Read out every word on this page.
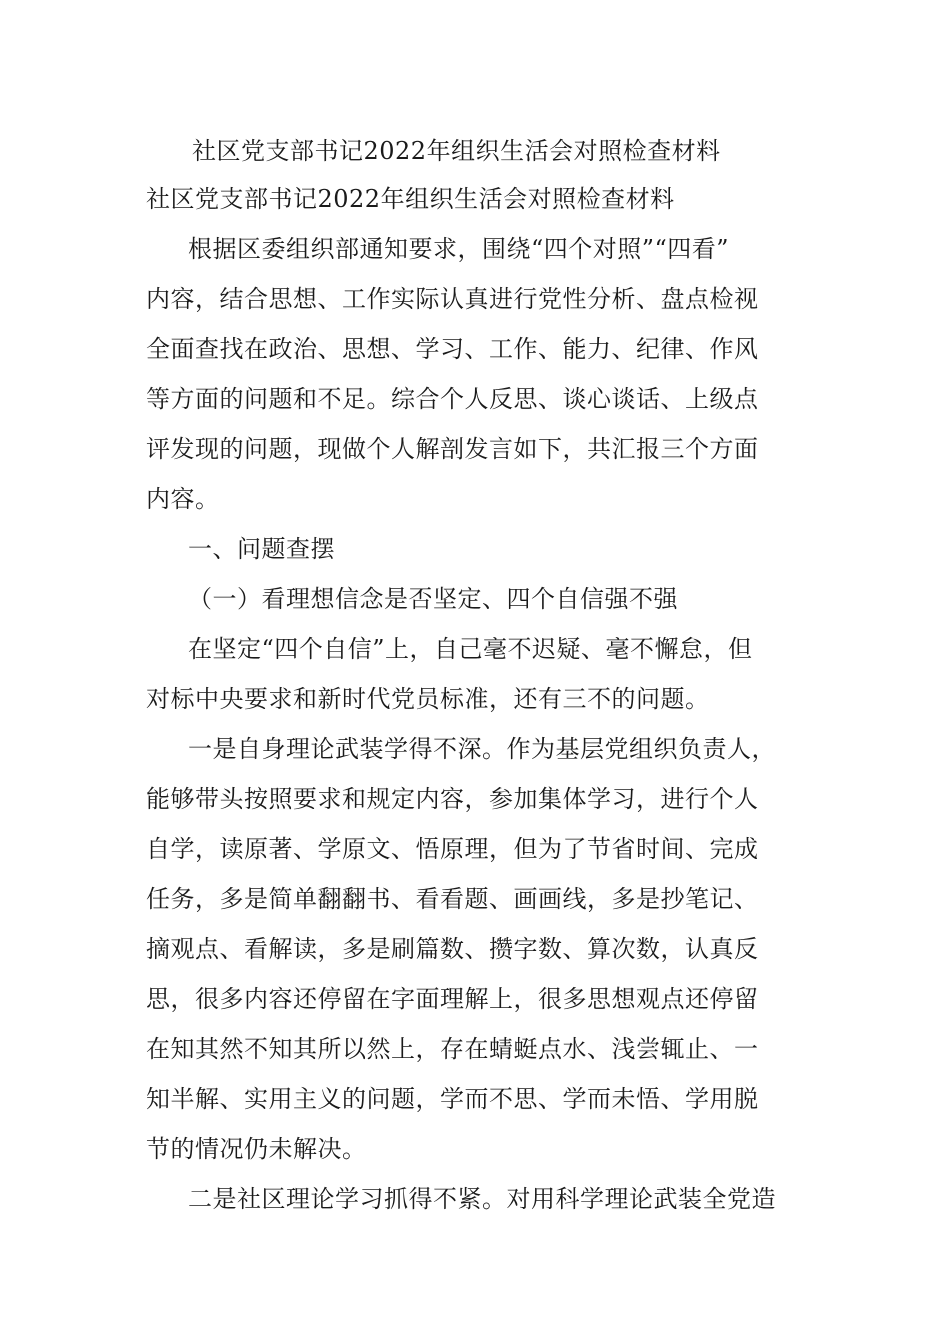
社区党支部书记2022年组织生活会对照检查材料

社区党支部书记2022年组织生活会对照检查材料

根据区委组织部通知要求，围绕“四个对照”“四看”

内容，结合思想、工作实际认真进行党性分析、盘点检视

全面查找在政治、思想、学习、工作、能力、纪律、作风

等方面的问题和不足。综合个人反思、谈心谈话、上级点

评发现的问题，现做个人解剖发言如下，共汇报三个方面

内容。

一、问题查摆

（一）看理想信念是否坚定、四个自信强不强

在坚定“四个自信”上，自己毫不迟疑、毫不懈怠，但

对标中央要求和新时代党员标准，还有三不的问题。

一是自身理论武装学得不深。作为基层党组织负责人，

能够带头按照要求和规定内容，参加集体学习，进行个人

自学，读原著、学原文、悟原理，但为了节省时间、完成

任务，多是简单翻翻书、看看题、画画线，多是抄笔记、

摘观点、看解读，多是刷篇数、攒字数、算次数，认真反

思，很多内容还停留在字面理解上，很多思想观点还停留

在知其然不知其所以然上，存在蜻蜓点水、浅尝辄止、一

知半解、实用主义的问题，学而不思、学而未悟、学用脱

节的情况仍未解决。

二是社区理论学习抓得不紧。对用科学理论武装全党造
